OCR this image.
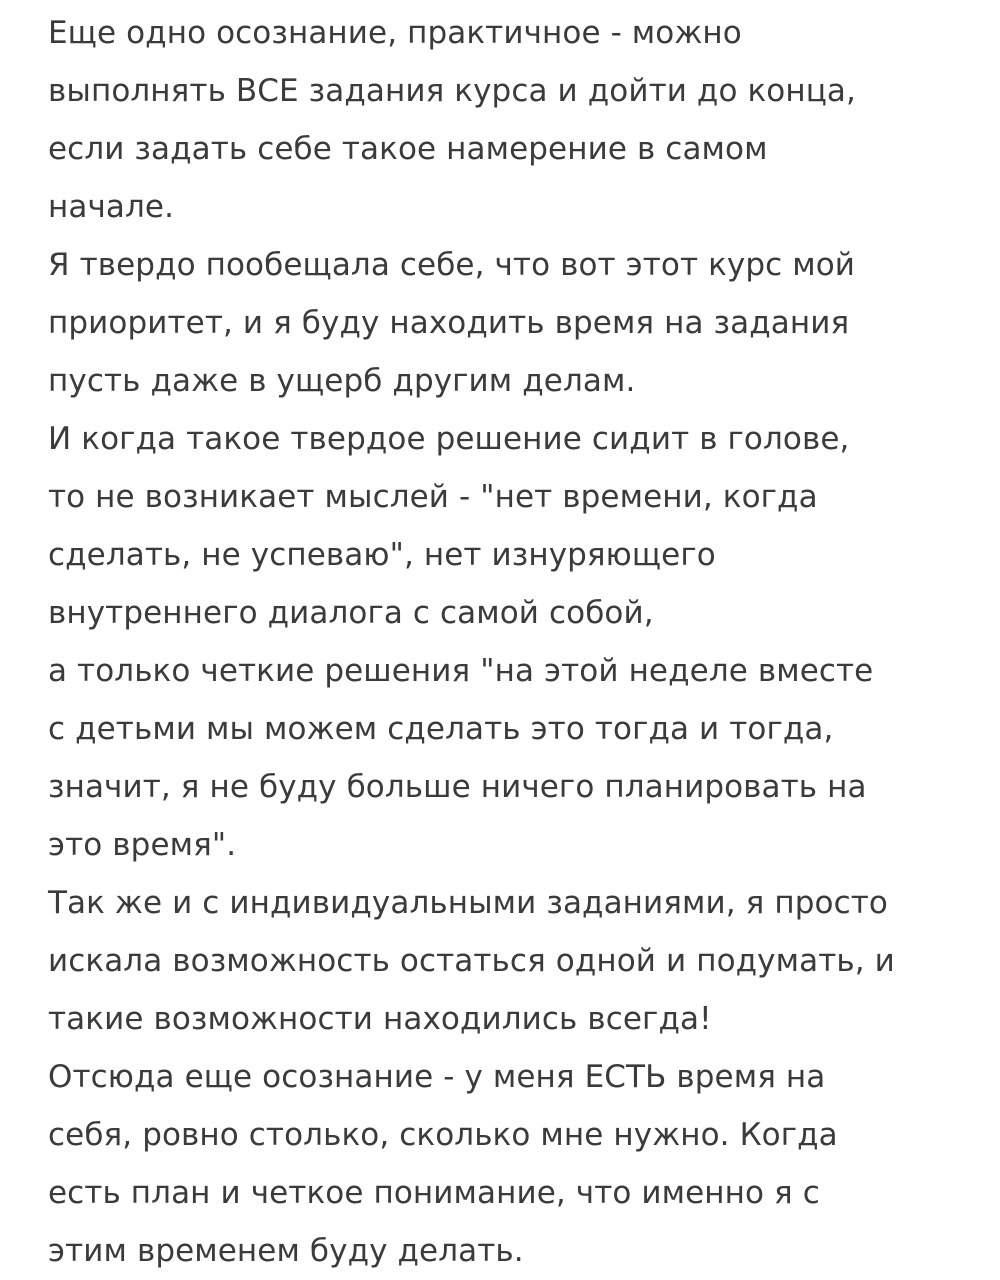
Еще одно осознание, практичное - можно
выполнять ВСЕ задания курса и дойти до конца,
если задать себе такое намерение в самом
начале.
Я твердо пообещала себе, что вот этот курс мой
приоритет, и я буду находить время на задания
пусть даже в ущерб другим делам.
И когда такое твердое решение сидит в голове,
то не возникает мыслей - "нет времени, когда
сделать, не успеваю", нет изнуряющего
внутреннего диалога с самой собой,
а только четкие решения "на этой неделе вместе
с детьми мы можем сделать это тогда и тогда,
значит, я не буду больше ничего планировать на
это время".
Так же и с индивидуальными заданиями, я просто
искала возможность остаться одной и подумать, и
такие возможности находились всегда!
Отсюда еще осознание - у меня ЕСТЬ время на
себя, ровно столько, сколько мне нужно. Когда
есть план и четкое понимание, что именно я с
этим временем буду делать.
